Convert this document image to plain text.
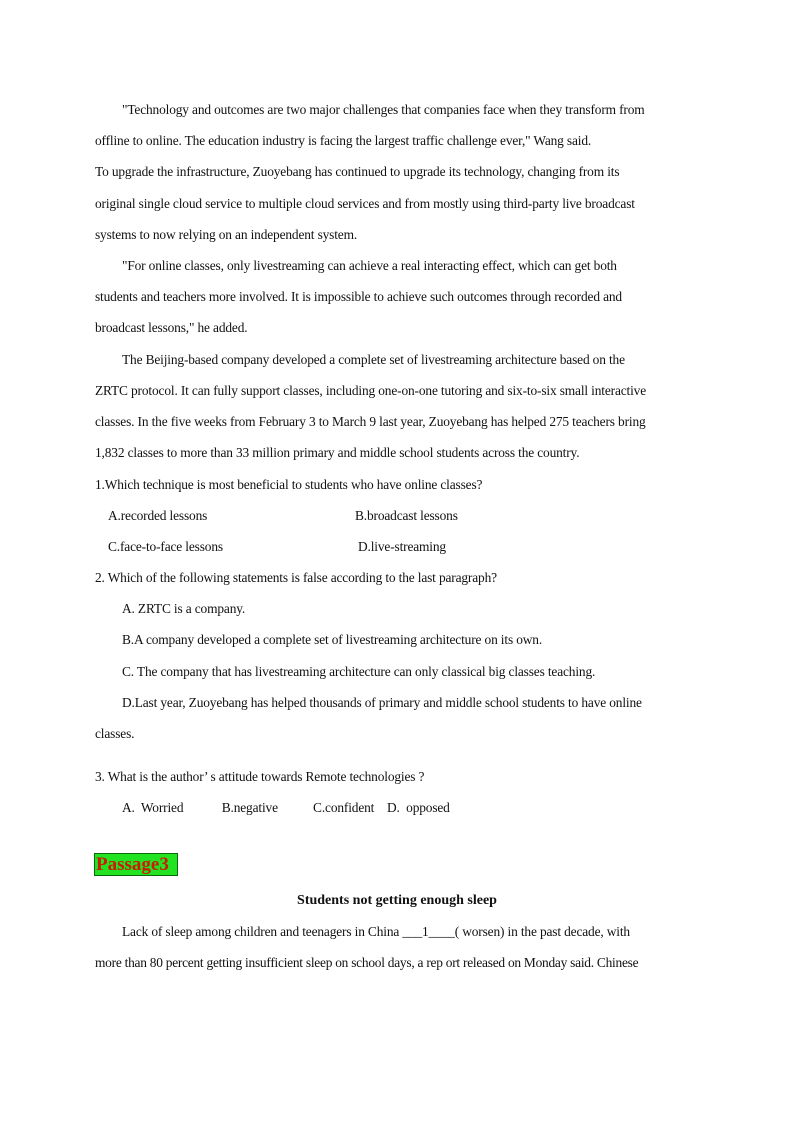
"Technology and outcomes are two major challenges that companies face when they transform from
offline to online. The education industry is facing the largest traffic challenge ever," Wang said.
To upgrade the infrastructure, Zuoyebang has continued to upgrade its technology, changing from its
original single cloud service to multiple cloud services and from mostly using third-party live broadcast
systems to now relying on an independent system.
"For online classes, only livestreaming can achieve a real interacting effect, which can get both
students and teachers more involved. It is impossible to achieve such outcomes through recorded and
broadcast lessons," he added.
The Beijing-based company developed a complete set of livestreaming architecture based on the
ZRTC protocol. It can fully support classes, including one-on-one tutoring and six-to-six small interactive
classes. In the five weeks from February 3 to March 9 last year, Zuoyebang has helped 275 teachers bring
1,832 classes to more than 33 million primary and middle school students across the country.
1.Which technique is most beneficial to students who have online classes?
A.recorded lessons	B.broadcast lessons
C.face-to-face lessons	D.live-streaming
2. Which of the following statements is false according to the last paragraph?
A. ZRTC is a company.
B.A company developed a complete set of livestreaming architecture on its own.
C. The company that has livestreaming architecture can only classical big classes teaching.
D.Last year, Zuoyebang has helped thousands of primary and middle school students to have online
classes.
3. What is the author’ s attitude towards Remote technologies ?
A.  Worried            B.negative           C.confident    D.  opposed
Passage3
Students not getting enough sleep
Lack of sleep among children and teenagers in China ___1____( worsen) in the past decade, with
more than 80 percent getting insufficient sleep on school days, a rep ort released on Monday said. Chinese
